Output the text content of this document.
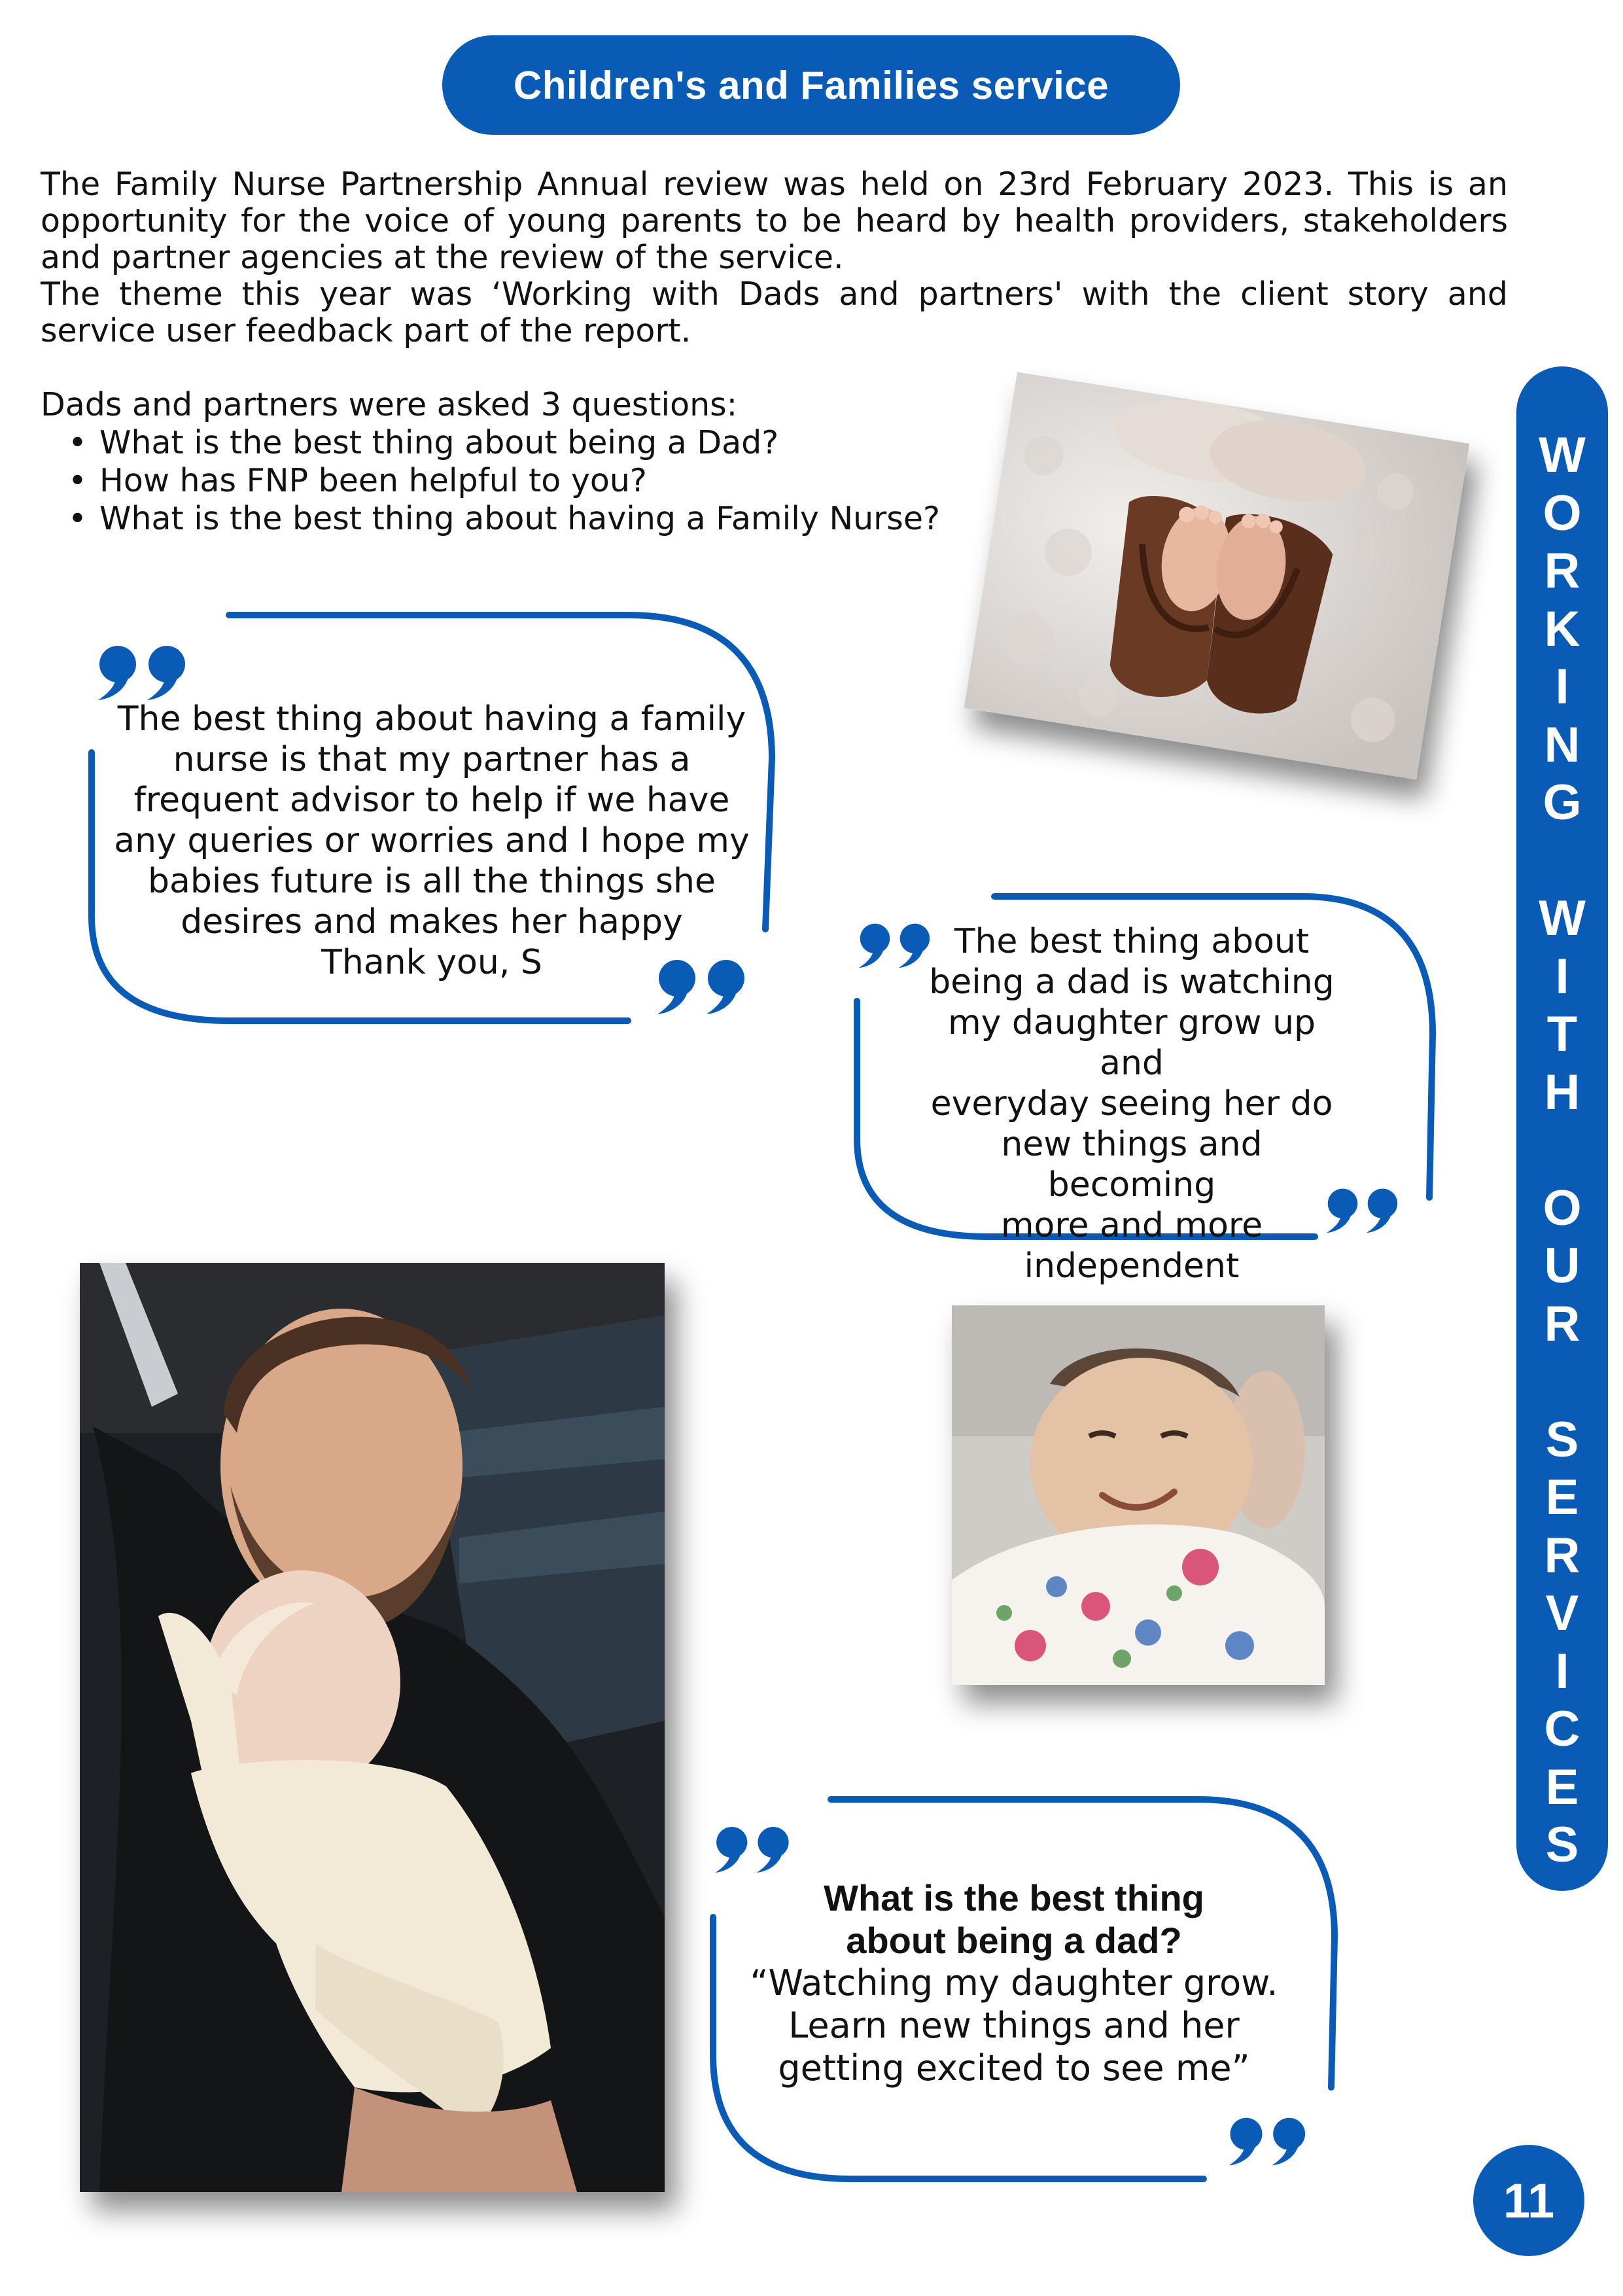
Children's and Families service

The Family Nurse Partnership Annual review was held on 23rd February 2023. This is an opportunity for the voice of young parents to be heard by health providers, stakeholders and partner agencies at the review of the service.

The theme this year was ‘Working with Dads and partners' with the client story and service user feedback part of the report.

Dads and partners were asked 3 questions:
• What is the best thing about being a Dad?
• How has FNP been helpful to you?
• What is the best thing about having a Family Nurse?
The best thing about having a family
nurse is that my partner has a
frequent advisor to help if we have
any queries or worries and I hope my
babies future is all the things she
desires and makes her happy
Thank you, S
The best thing about
being a dad is watching
my daughter grow up and
everyday seeing her do
new things and becoming
more and more
independent
What is the best thing
about being a dad?
“Watching my daughter grow.
Learn new things and her
getting excited to see me”
W
O
R
K
I
N
G
W
I
T
H
O
U
R
S
E
R
V
I
C
E
S
11
